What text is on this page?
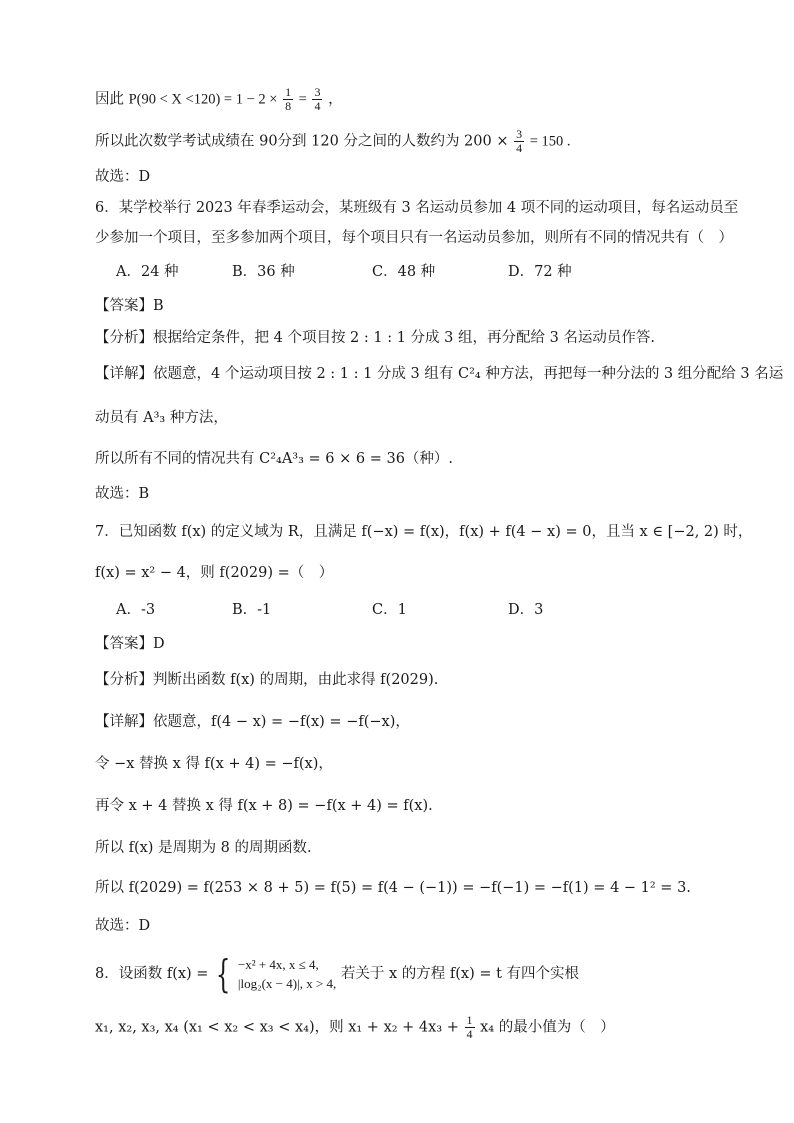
因此 $P(90 < X <120) = 1 - 2 \times \frac{1}{8} = \frac{3}{4}$ ，
所以此次数学考试成绩在 90分到 120 分之间的人数约为 $200 \times \frac{3}{4} = 150$ .
故选：D
6．某学校举行 2023 年春季运动会，某班级有 3 名运动员参加 4 项不同的运动项目，每名运动员至
少参加一个项目，至多参加两个项目，每个项目只有一名运动员参加，则所有不同的情况共有（　）
A．24 种	B．36 种	C．48 种	D．72 种
【答案】B
【分析】根据给定条件，把 4 个项目按 2 : 1 : 1 分成 3 组，再分配给 3 名运动员作答.
【详解】依题意，4 个运动项目按 2 : 1 : 1 分成 3 组有 C²₄ 种方法，再把每一种分法的 3 组分配给 3 名运
动员有 A³₃ 种方法，
所以所有不同的情况共有 C²₄A³₃ = 6 × 6 = 36（种）.
故选：B
7．已知函数 f(x) 的定义域为 R，且满足 f(−x) = f(x)，f(x) + f(4 − x) = 0，且当 x ∈ [−2, 2) 时，
f(x) = x² − 4，则 f(2029) =（　）
A．-3	B．-1	C．1	D．3
【答案】D
【分析】判断出函数 f(x) 的周期，由此求得 f(2029).
【详解】依题意，f(4 − x) = −f(x) = −f(−x)，
令 −x 替换 x 得 f(x + 4) = −f(x)，
再令 x + 4 替换 x 得 f(x + 8) = −f(x + 4) = f(x).
所以 f(x) 是周期为 8 的周期函数.
所以 f(2029) = f(253 × 8 + 5) = f(5) = f(4 − (−1)) = −f(−1) = −f(1) = 4 − 1² = 3.
故选：D
8．设函数 f(x) = { −x² + 4x, x ≤ 4,
|log₂(x − 4)|, x > 4,
若关于 x 的方程 f(x) = t 有四个实根
x₁, x₂, x₃, x₄ (x₁ < x₂ < x₃ < x₄)，则 $x_1 + x_2 + 4x_3 + \frac{1}{4} x_4$ 的最小值为（　）
